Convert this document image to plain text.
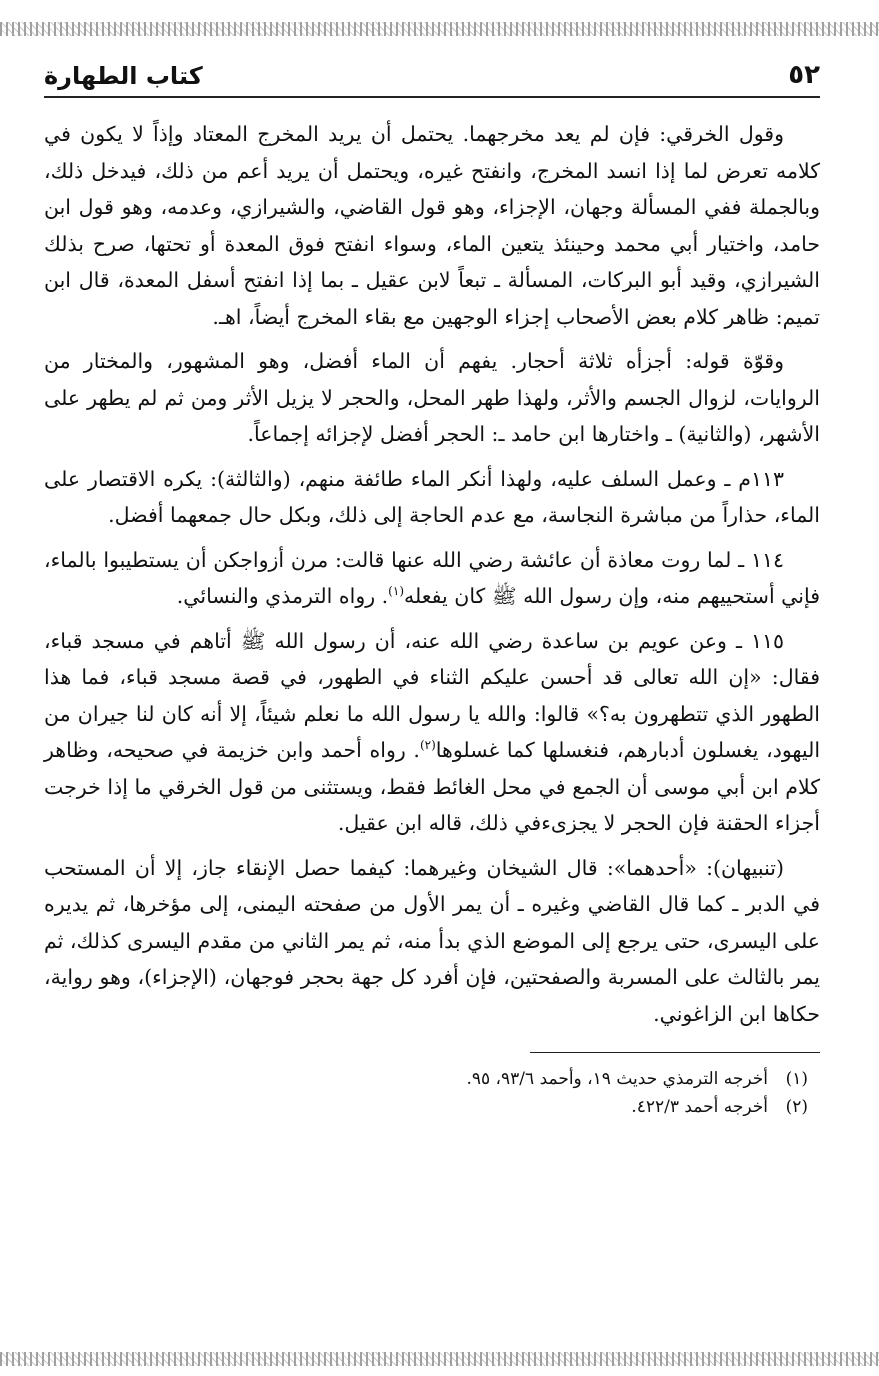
٥٢
كتاب الطهارة

وقول الخرقي: فإن لم يعد مخرجهما. يحتمل أن يريد المخرج المعتاد وإذاً لا يكون في كلامه تعرض لما إذا انسد المخرج، وانفتح غيره، ويحتمل أن يريد أعم من ذلك، فيدخل ذلك، وبالجملة ففي المسألة وجهان، الإجزاء، وهو قول القاضي، والشيرازي، وعدمه، وهو قول ابن حامد، واختيار أبي محمد وحينئذ يتعين الماء، وسواء انفتح فوق المعدة أو تحتها، صرح بذلك الشيرازي، وقيد أبو البركات، المسألة ـ تبعاً لابن عقيل ـ بما إذا انفتح أسفل المعدة، قال ابن تميم: ظاهر كلام بعض الأصحاب إجزاء الوجهين مع بقاء المخرج أيضاً، اهـ.

وقوّة قوله: أجزأه ثلاثة أحجار. يفهم أن الماء أفضل، وهو المشهور، والمختار من الروايات، لزوال الجسم والأثر، ولهذا طهر المحل، والحجر لا يزيل الأثر ومن ثم لم يطهر على الأشهر، (والثانية) ـ واختارها ابن حامد ـ: الحجر أفضل لإجزائه إجماعاً.

١١٣م ـ وعمل السلف عليه، ولهذا أنكر الماء طائفة منهم، (والثالثة): يكره الاقتصار على الماء، حذاراً من مباشرة النجاسة، مع عدم الحاجة إلى ذلك، وبكل حال جمعهما أفضل.

١١٤ ـ لما روت معاذة أن عائشة رضي الله عنها قالت: مرن أزواجكن أن يستطيبوا بالماء، فإني أستحييهم منه، وإن رسول الله ﷺ كان يفعله$^{(١)}$. رواه الترمذي والنسائي.

١١٥ ـ وعن عويم بن ساعدة رضي الله عنه، أن رسول الله ﷺ أتاهم في مسجد قباء، فقال: «إن الله تعالى قد أحسن عليكم الثناء في الطهور، في قصة مسجد قباء، فما هذا الطهور الذي تتطهرون به؟» قالوا: والله يا رسول الله ما نعلم شيئاً، إلا أنه كان لنا جيران من اليهود، يغسلون أدبارهم، فنغسلها كما غسلوها$^{(٢)}$. رواه أحمد وابن خزيمة في صحيحه، وظاهر كلام ابن أبي موسى أن الجمع في محل الغائط فقط، ويستثنى من قول الخرقي ما إذا خرجت أجزاء الحقنة فإن الحجر لا يجزىءفي ذلك، قاله ابن عقيل.

(تنبيهان): «أحدهما»: قال الشيخان وغيرهما: كيفما حصل الإنقاء جاز، إلا أن المستحب في الدبر ـ كما قال القاضي وغيره ـ أن يمر الأول من صفحته اليمنى، إلى مؤخرها، ثم يديره على اليسرى، حتى يرجع إلى الموضع الذي بدأ منه، ثم يمر الثاني من مقدم اليسرى كذلك، ثم يمر بالثالث على المسربة والصفحتين، فإن أفرد كل جهة بحجر فوجهان، (الإجزاء)، وهو رواية، حكاها ابن الزاغوني.

(١)أخرجه الترمذي حديث ١٩، وأحمد ٩٣/٦، ٩٥.

(٢)أخرجه أحمد ٤٢٢/٣.
